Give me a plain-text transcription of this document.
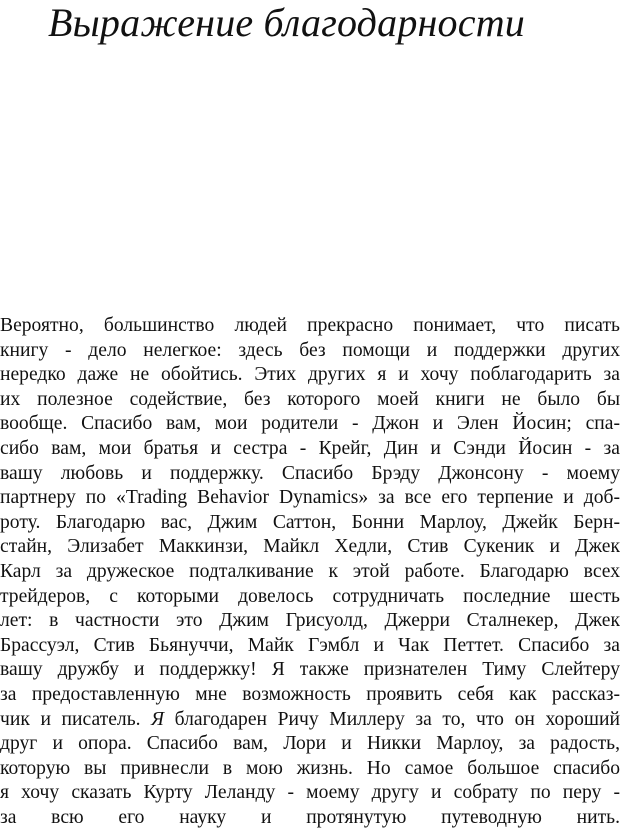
Выражение благодарности
Вероятно, большинство людей прекрасно понимает, что писать
книгу - дело нелегкое: здесь без помощи и поддержки других
нередко даже не обойтись. Этих других я и хочу поблагодарить за
их полезное содействие, без которого моей книги не было бы
вообще. Спасибо вам, мои родители - Джон и Элен Йосин; спа-
сибо вам, мои братья и сестра - Крейг, Дин и Сэнди Йосин - за
вашу любовь и поддержку. Спасибо Брэду Джонсону - моему
партнеру по «Trading Behavior Dynamics» за все его терпение и доб-
роту. Благодарю вас, Джим Саттон, Бонни Марлоу, Джейк Берн-
стайн, Элизабет Маккинзи, Майкл Хедли, Стив Сукеник и Джек
Карл за дружеское подталкивание к этой работе. Благодарю всех
трейдеров, с которыми довелось сотрудничать последние шесть
лет: в частности это Джим Грисуолд, Джерри Сталнекер, Джек
Брассуэл, Стив Бьянуччи, Майк Гэмбл и Чак Петтет. Спасибо за
вашу дружбу и поддержку! Я также признателен Тиму Слейтеру
за предоставленную мне возможность проявить себя как рассказ-
чик и писатель. Я благодарен Ричу Миллеру за то, что он хороший
друг и опора. Спасибо вам, Лори и Никки Марлоу, за радость,
которую вы привнесли в мою жизнь. Но самое большое спасибо
я хочу сказать Курту Леланду - моему другу и собрату по перу -
за всю его науку и протянутую путеводную нить.
